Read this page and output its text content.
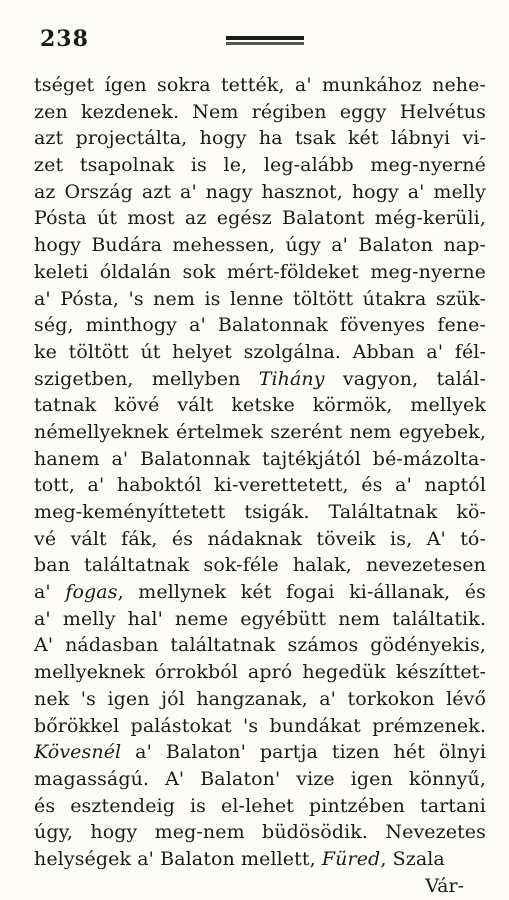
238
tséget ígen sokra tették, a' munkához nehe-
zen kezdenek. Nem régiben eggy Helvétus
azt projectálta, hogy ha tsak két lábnyi vi-
zet tsapolnak is le, leg-alább meg-nyerné
az Ország azt a' nagy hasznot, hogy a' melly
Pósta út most az egész Balatont még-kerüli,
hogy Budára mehessen, úgy a' Balaton nap-
keleti óldalán sok mért-földeket meg-nyerne
a' Pósta, 's nem is lenne töltött útakra szük-
ség, minthogy a' Balatonnak fövenyes fene-
ke töltött út helyet szolgálna. Abban a' fél-
szigetben, mellyben Tihány vagyon, talál-
tatnak kövé vált ketske körmök, mellyek
némellyeknek értelmek szerént nem egyebek,
hanem a' Balatonnak tajtékjától bé-mázolta-
tott, a' haboktól ki-verettetett, és a' naptól
meg-keményíttetett tsigák. Találtatnak kö-
vé vált fák, és nádaknak töveik is, A' tó-
ban találtatnak sok-féle halak, nevezetesen
a' fogas, mellynek két fogai ki-állanak, és
a' melly hal' neme egyébütt nem találtatik.
A' nádasban találtatnak számos gödényekis,
mellyeknek órrokból apró hegedük készíttet-
nek 's igen jól hangzanak, a' torkokon lévő
bőrökkel palástokat 's bundákat prémzenek.
Kövesnél a' Balaton' partja tizen hét ölnyi
magasságú. A' Balaton' vize igen könnyű,
és esztendeig is el-lehet pintzében tartani
úgy, hogy meg-nem büdösödik. Nevezetes
helységek a' Balaton mellett, Füred, Szala
Vár-
